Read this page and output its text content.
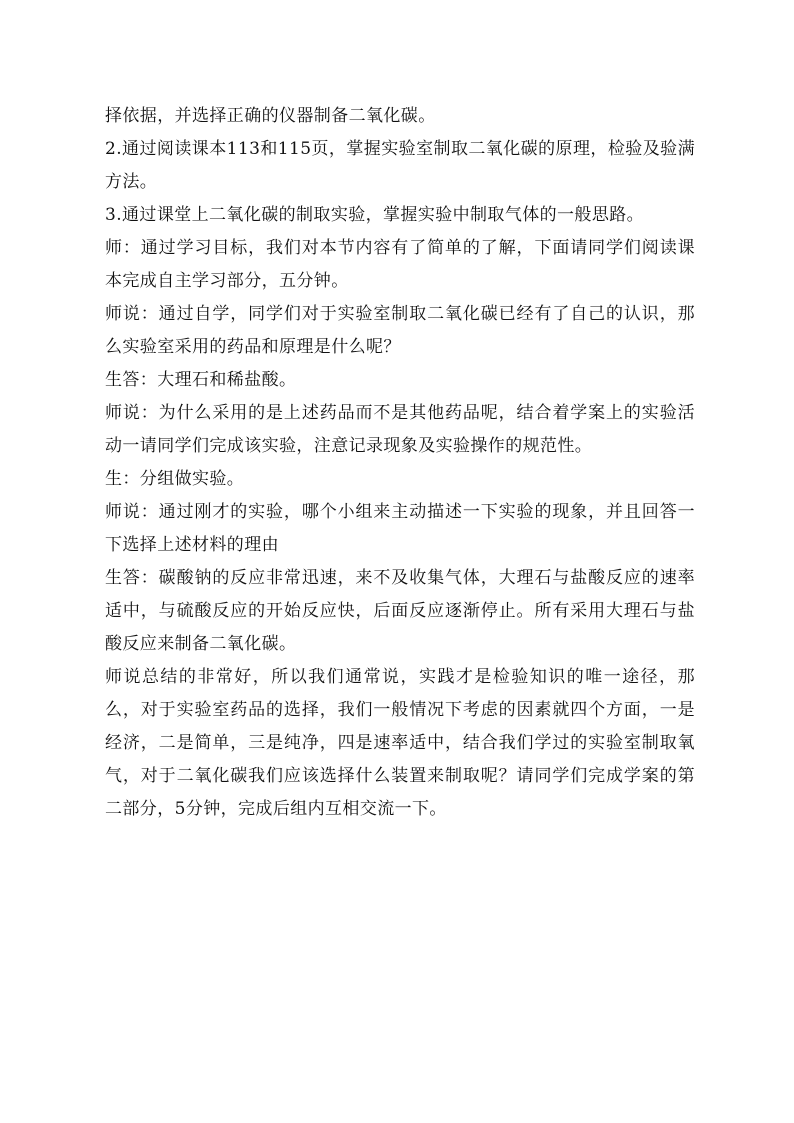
择依据，并选择正确的仪器制备二氧化碳。

2.通过阅读课本113和115页，掌握实验室制取二氧化碳的原理，检验及验满方法。

3.通过课堂上二氧化碳的制取实验，掌握实验中制取气体的一般思路。

师：通过学习目标，我们对本节内容有了简单的了解，下面请同学们阅读课本完成自主学习部分，五分钟。

师说：通过自学，同学们对于实验室制取二氧化碳已经有了自己的认识，那么实验室采用的药品和原理是什么呢？

生答：大理石和稀盐酸。

师说：为什么采用的是上述药品而不是其他药品呢，结合着学案上的实验活动一请同学们完成该实验，注意记录现象及实验操作的规范性。

生：分组做实验。

师说：通过刚才的实验，哪个小组来主动描述一下实验的现象，并且回答一下选择上述材料的理由

生答：碳酸钠的反应非常迅速，来不及收集气体，大理石与盐酸反应的速率适中，与硫酸反应的开始反应快，后面反应逐渐停止。所有采用大理石与盐酸反应来制备二氧化碳。

师说总结的非常好，所以我们通常说，实践才是检验知识的唯一途径，那么，对于实验室药品的选择，我们一般情况下考虑的因素就四个方面，一是经济，二是简单，三是纯净，四是速率适中，结合我们学过的实验室制取氧气，对于二氧化碳我们应该选择什么装置来制取呢？请同学们完成学案的第二部分，5分钟，完成后组内互相交流一下。
